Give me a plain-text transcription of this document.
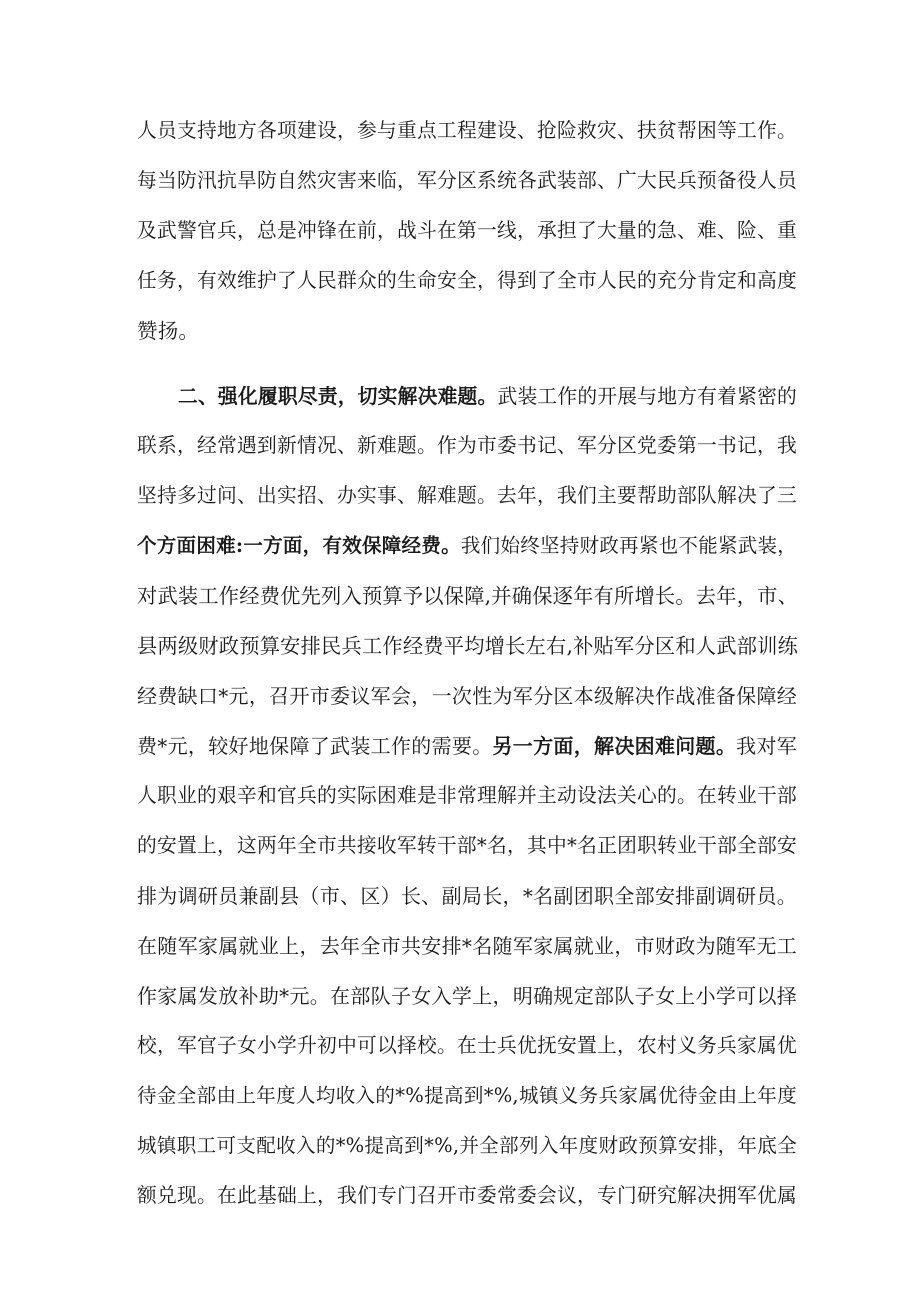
人员支持地方各项建设，参与重点工程建设、抢险救灾、扶贫帮困等工作。
每当防汛抗旱防自然灾害来临，军分区系统各武装部、广大民兵预备役人员
及武警官兵，总是冲锋在前，战斗在第一线，承担了大量的急、难、险、重
任务，有效维护了人民群众的生命安全，得到了全市人民的充分肯定和高度
赞扬。
二、强化履职尽责，切实解决难题。武装工作的开展与地方有着紧密的
联系，经常遇到新情况、新难题。作为市委书记、军分区党委第一书记，我
坚持多过问、出实招、办实事、解难题。去年，我们主要帮助部队解决了三
个方面困难:一方面，有效保障经费。我们始终坚持财政再紧也不能紧武装，
对武装工作经费优先列入预算予以保障,并确保逐年有所增长。去年，市、
县两级财政预算安排民兵工作经费平均增长左右,补贴军分区和人武部训练
经费缺口*元，召开市委议军会，一次性为军分区本级解决作战准备保障经
费*元，较好地保障了武装工作的需要。另一方面，解决困难问题。我对军
人职业的艰辛和官兵的实际困难是非常理解并主动设法关心的。在转业干部
的安置上，这两年全市共接收军转干部*名，其中*名正团职转业干部全部安
排为调研员兼副县（市、区）长、副局长，*名副团职全部安排副调研员。
在随军家属就业上，去年全市共安排*名随军家属就业，市财政为随军无工
作家属发放补助*元。在部队子女入学上，明确规定部队子女上小学可以择
校，军官子女小学升初中可以择校。在士兵优抚安置上，农村义务兵家属优
待金全部由上年度人均收入的*%提高到*%,城镇义务兵家属优待金由上年度
城镇职工可支配收入的*%提高到*%,并全部列入年度财政预算安排，年底全
额兑现。在此基础上，我们专门召开市委常委会议，专门研究解决拥军优属
